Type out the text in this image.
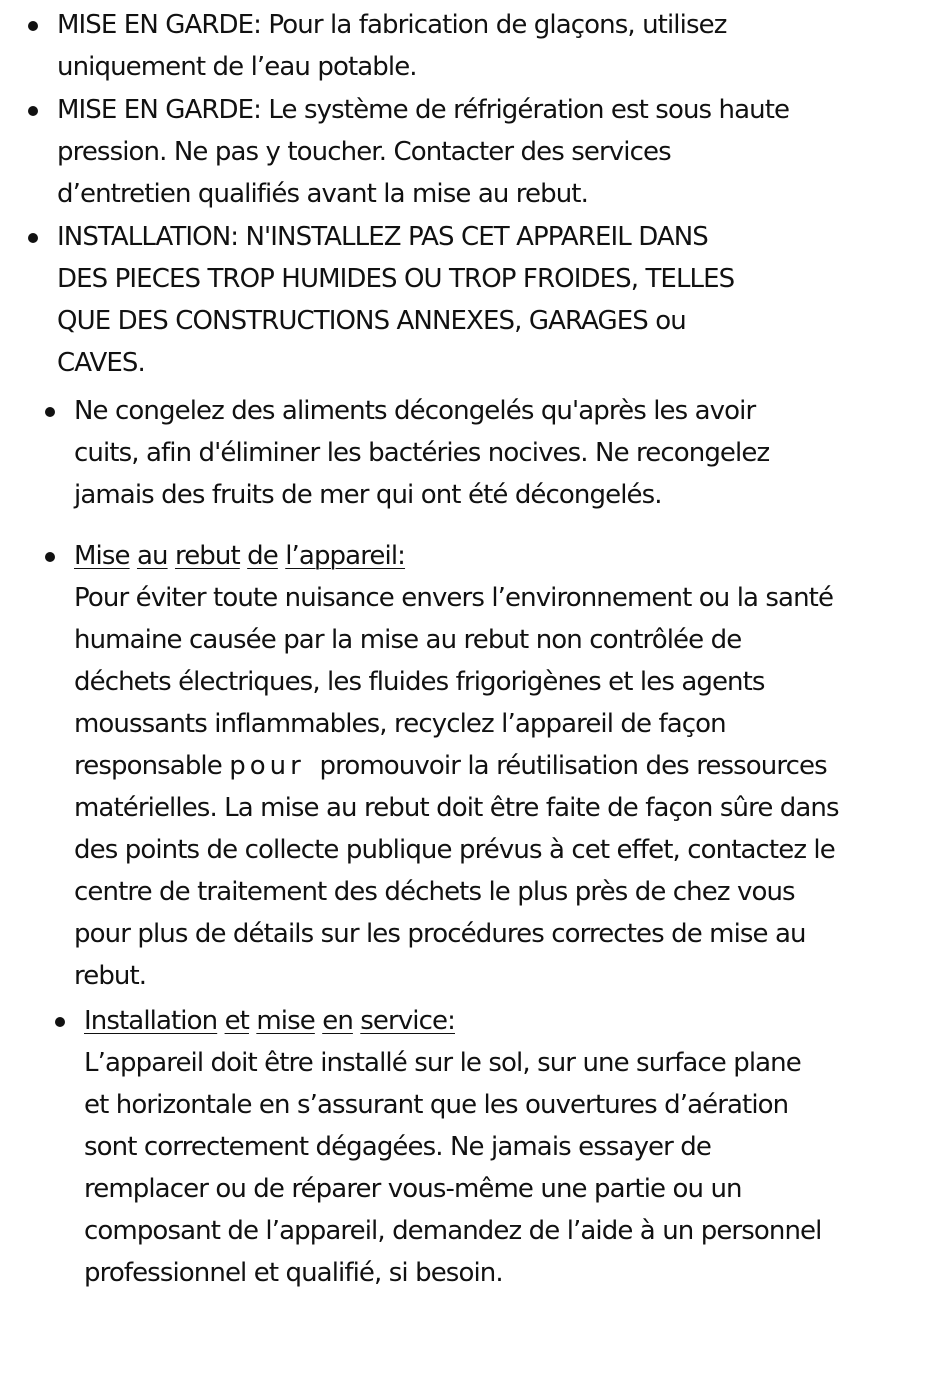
MISE EN GARDE: Pour la fabrication de glaçons, utilisez
uniquement de l’eau potable.
MISE EN GARDE: Le système de réfrigération est sous haute
pression. Ne pas y toucher. Contacter des services
d’entretien qualifiés avant la mise au rebut.
INSTALLATION: N'INSTALLEZ PAS CET APPAREIL DANS
DES PIECES TROP HUMIDES OU TROP FROIDES, TELLES
QUE DES CONSTRUCTIONS ANNEXES, GARAGES ou
CAVES.
Ne congelez des aliments décongelés qu'après les avoir
cuits, afin d'éliminer les bactéries nocives. Ne recongelez
jamais des fruits de mer qui ont été décongelés.
Mise au rebut de l’appareil:
Pour éviter toute nuisance envers l’environnement ou la santé
humaine causée par la mise au rebut non contrôlée de
déchets électriques, les fluides frigorigènes et les agents
moussants inflammables, recyclez l’appareil de façon
responsable pour  promouvoir la réutilisation des ressources
matérielles. La mise au rebut doit être faite de façon sûre dans
des points de collecte publique prévus à cet effet, contactez le
centre de traitement des déchets le plus près de chez vous
pour plus de détails sur les procédures correctes de mise au
rebut.
Installation et mise en service:
L’appareil doit être installé sur le sol, sur une surface plane
et horizontale en s’assurant que les ouvertures d’aération
sont correctement dégagées. Ne jamais essayer de
remplacer ou de réparer vous-même une partie ou un
composant de l’appareil, demandez de l’aide à un personnel
professionnel et qualifié, si besoin.
